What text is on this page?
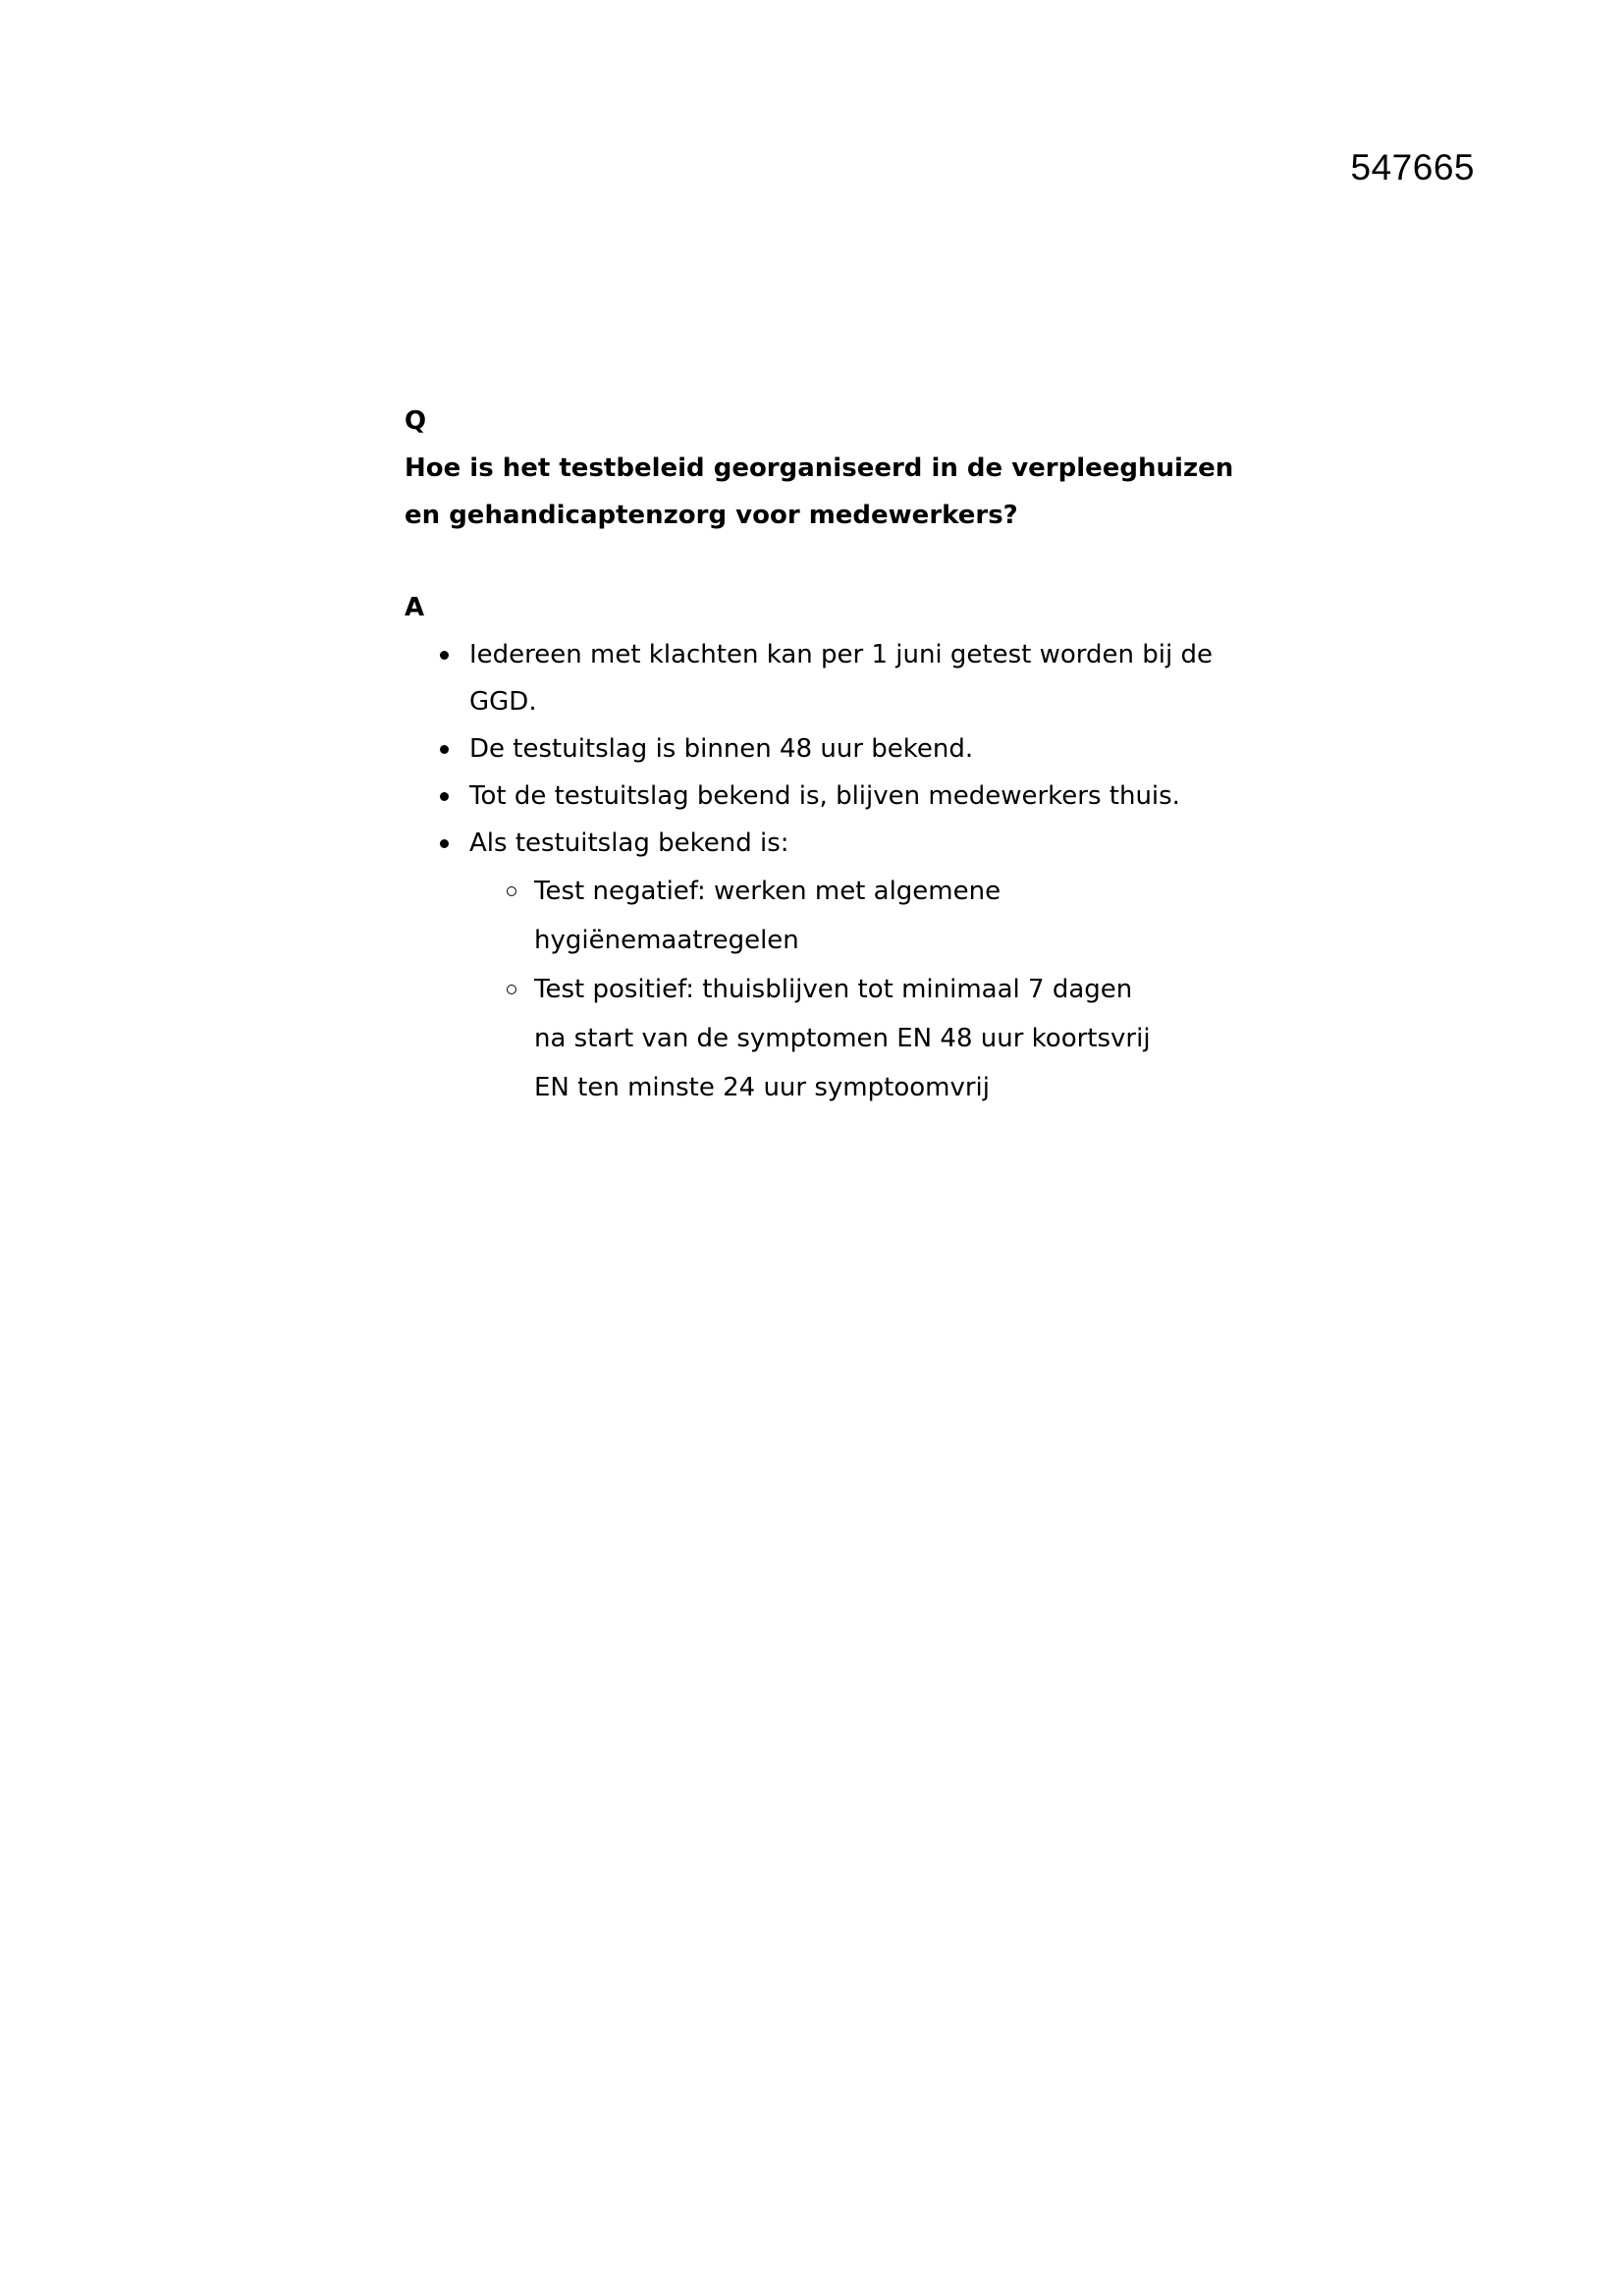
547665
Q

Hoe is het testbeleid georganiseerd in de verpleeghuizen en gehandicaptenzorg voor medewerkers?

A
Iedereen met klachten kan per 1 juni getest worden bij de GGD.
De testuitslag is binnen 48 uur bekend.
Tot de testuitslag bekend is, blijven medewerkers thuis.
Als testuitslag bekend is:
Test negatief: werken met algemene hygiënemaatregelen
Test positief: thuisblijven tot minimaal 7 dagen na start van de symptomen EN 48 uur koortsvrij EN ten minste 24 uur symptoomvrij
